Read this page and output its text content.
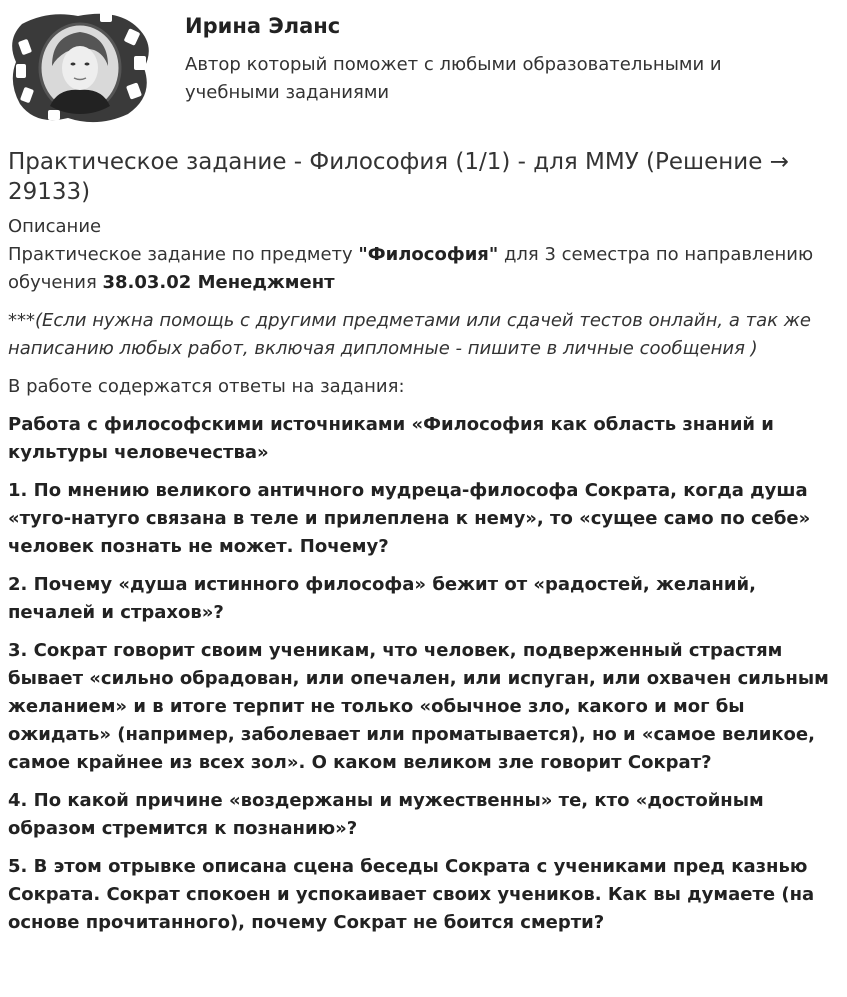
Ирина Эланс
Автор который поможет с любыми образовательными и учебными заданиями
Практическое задание - Философия (1/1) - для ММУ (Решение → 29133)
Описание

Практическое задание по предмету "Философия" для 3 семестра по направлению обучения 38.03.02 Менеджмент

***(Если нужна помощь с другими предметами или сдачей тестов онлайн, а так же написанию любых работ, включая дипломные - пишите в личные сообщения )

В работе содержатся ответы на задания:

Работа с философскими источниками «Философия как область знаний и культуры человечества»

1. По мнению великого античного мудреца-философа Сократа, когда душа «туго-натуго связана в теле и прилеплена к нему», то «сущее само по себе» человек познать не может. Почему?

2. Почему «душа истинного философа» бежит от «радостей, желаний, печалей и страхов»?

3. Сократ говорит своим ученикам, что человек, подверженный страстям бывает «сильно обрадован, или опечален, или испуган, или охвачен сильным желанием» и в итоге терпит не только «обычное зло, какого и мог бы ожидать» (например, заболевает или проматывается), но и «самое великое, самое крайнее из всех зол». О каком великом зле говорит Сократ?

4. По какой причине «воздержаны и мужественны» те, кто «достойным образом стремится к познанию»?

5. В этом отрывке описана сцена беседы Сократа с учениками пред казнью Сократа. Сократ спокоен и успокаивает своих учеников. Как вы думаете (на основе прочитанного), почему Сократ не боится смерти?
